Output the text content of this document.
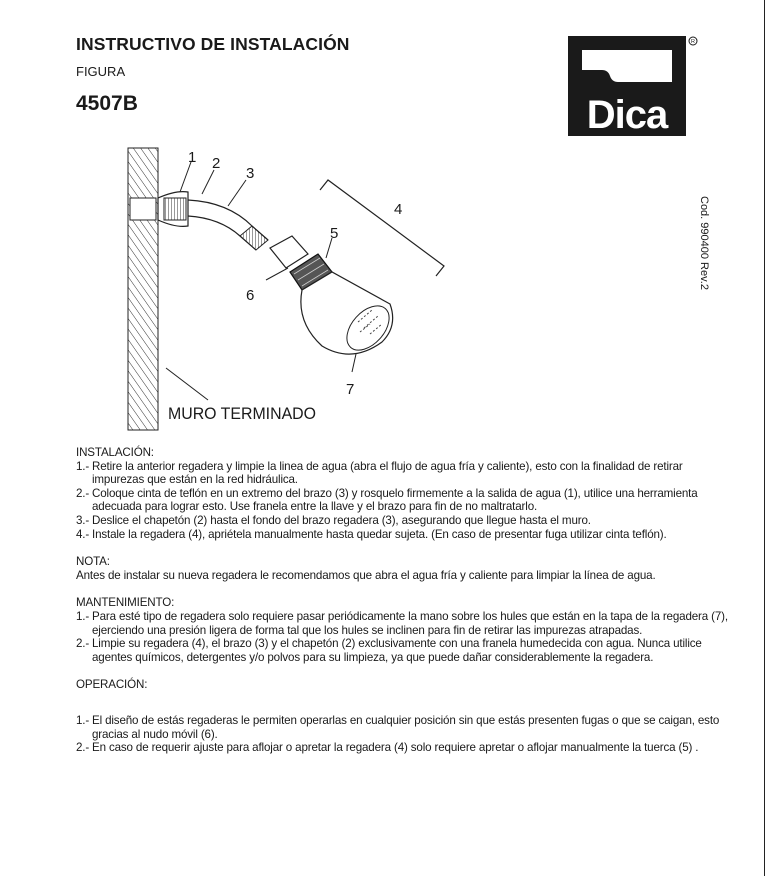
INSTRUCTIVO DE INSTALACIÓN
FIGURA
4507B	Dica
R
Cod. 990400 Rev.2
1 2
3
4
5
6
7
MURO TERMINADO
INSTALACIÓN:
1.- Retire la anterior regadera y limpie la linea de agua (abra el flujo de agua fría y caliente), esto con la finalidad de retirar impurezas que están en la red hidráulica.
2.- Coloque cinta de teflón en un extremo del brazo (3) y rosquelo firmemente a la salida de agua (1), utilice una herramienta adecuada para lograr esto. Use franela entre la llave y el brazo para fin de no maltratarlo.
3.- Deslice el chapetón (2) hasta el fondo del brazo regadera (3), asegurando que llegue hasta el muro.
4.- Instale la regadera (4), apriétela manualmente hasta quedar sujeta. (En caso de presentar fuga utilizar cinta teflón).
NOTA:
Antes de instalar su nueva regadera le recomendamos que abra el agua fría y caliente para limpiar la línea de agua.
MANTENIMIENTO:
1.- Para esté tipo de regadera solo requiere pasar periódicamente la mano sobre los hules que están en la tapa de la regadera (7), ejerciendo una presión ligera de forma tal que los hules se inclinen para fin de retirar las impurezas atrapadas.
2.- Limpie su regadera (4), el brazo (3) y el chapetón (2) exclusivamente con una franela humedecida con agua. Nunca utilice agentes químicos, detergentes y/o polvos para su limpieza, ya que puede dañar considerablemente la regadera.
OPERACIÓN:
1.- El diseño de estás regaderas le permiten operarlas en cualquier posición sin que estás presenten fugas o que se caigan, esto gracias al nudo móvil (6).
2.- En caso de requerir ajuste para aflojar o apretar la regadera (4) solo requiere apretar o aflojar manualmente la tuerca (5) .
